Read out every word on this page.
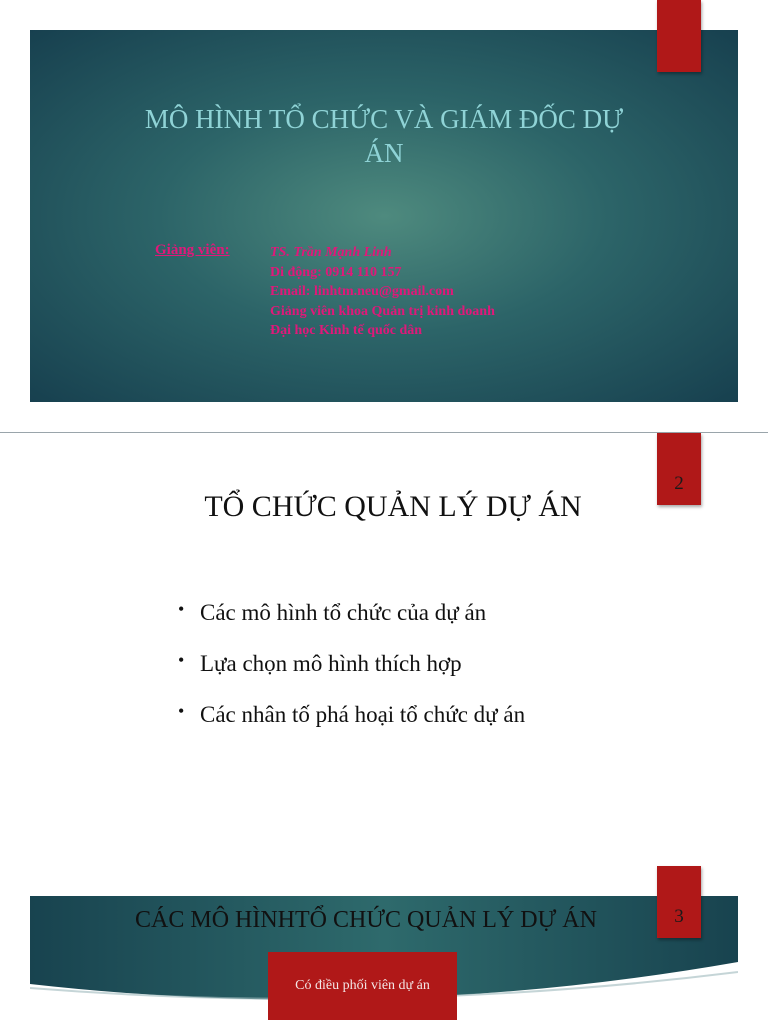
MÔ HÌNH TỔ CHỨC VÀ GIÁM ĐỐC DỰ ÁN
Giảng viên:	TS. Trần Mạnh Linh
Di động: 0914 110 157
Email: linhtm.neu@gmail.com
Giảng viên khoa Quản trị kinh doanh
Đại học Kinh tế quốc dân
2
TỔ CHỨC QUẢN LÝ DỰ ÁN
• Các mô hình tổ chức của dự án
• Lựa chọn mô hình thích hợp
• Các nhân tố phá hoại tổ chức dự án
3
CÁC MÔ HÌNHTỔ CHỨC QUẢN LÝ DỰ ÁN
Có điều phối viên dự án
